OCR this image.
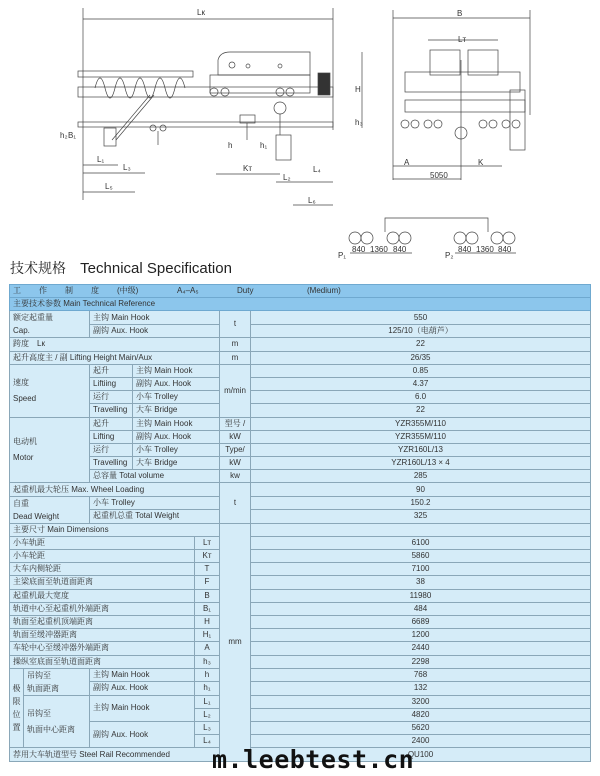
Lк
H
h₃
B₁
h₂
h	h₁
L₁
L₃
L₅
Kт
L₂
L₄
L₆
B
Lт
A	K
5050
P₁
840 1360 840
P₂
840 1360 840
技术规格 Technical Specification
工 作 制 度 (中级) A₄–A₅ Duty (Medium)						
主要技术参数 Main Technical Reference						
额定起重量
Cap.		主钩 Main Hook			t	550
		副钩 Aux. Hook				125/10（电葫芦）
跨度　Lк					m	22
起升高度主 / 副 Lifting Height Main/Aux					m	26/35
速度
Speed		起升	主钩 Main Hook		m/min	0.85
		Liftiing	副钩 Aux. Hook			4.37
		运行	小车 Trolley			6.0
		Travelling	大车 Bridge			22
电动机
Motor		起升	主钩 Main Hook		型号 /	YZR355M/110
		Lifting	副钩 Aux. Hook		kW	YZR355M/110
		运行	小车 Trolley		Type/	YZR160L/13
		Travelling	大车 Bridge		kW	YZR160L/13 × 4
		总容量 Total volume			kw	285
起重机最大轮压 Max. Wheel Loading					t	90
自重
Dead Weight		小车 Trolley				150.2
		起重机总重 Total Weight				325
主要尺寸 Main Dimensions					mm	
小车轨距				Lт		6100
小车轮距				Kт		5860
大车内侧轮距				T		7100
主梁底面至轨道面距离				F		38
起重机最大宽度				B		11980
轨道中心至起重机外端距离				B₁		484
轨面至起重机顶端距离				H		6689
轨面至缓冲器距离				H₁		1200
车轮中心至缓冲器外端距离				A		2440
操纵室底面至轨道面距离				h₃		2298
极
限
位
置	吊钩至
轨面距离	主钩 Main Hook		h		768
		副钩 Aux. Hook		h₁		132
	吊钩至
轨面中心距离	主钩 Main Hook		L₁		3200
				L₂		4820
		副钩 Aux. Hook		L₃		5620
				L₄		2400
荐用大车轨道型号 Steel Rail Recommended						QU100
m.leebtest.cn
